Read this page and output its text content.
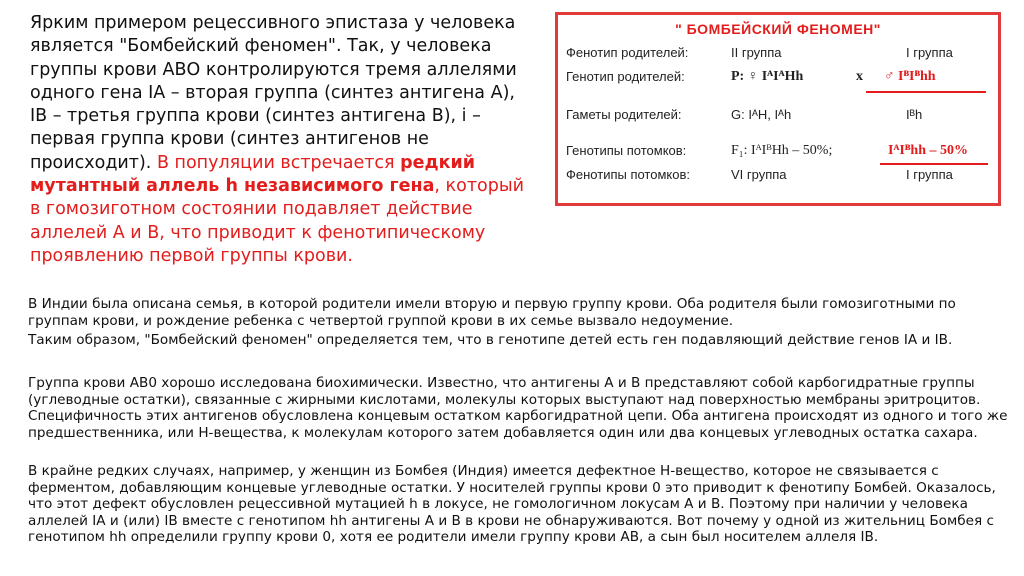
Ярким примером рецессивного эпистаза у человека является "Бомбейский феномен". Так, у человека группы крови АВО контролируются тремя аллелями одного гена IA – вторая группа (синтез антигена А), IB – третья группа крови (синтез антигена В), i – первая группа крови (синтез антигенов не происходит). В популяции встречается редкий мутантный аллель h независимого гена, который в гомозиготном состоянии подавляет действие аллелей А и В, что приводит к фенотипическому проявлению первой группы крови.
" БОМБЕЙСКИЙ ФЕНОМЕН"
Фенотип родителей:	II группа	I группа
Генотип родителей:	P: ♀ IᴬIᴬHh	x ♂ IᴮIᴮhh
Гаметы родителей:	G: IᴬH, Iᴬh	Iᴮh
Генотипы потомков:	F₁: IᴬIᴮHh – 50%;	IᴬIᴮhh – 50%
Фенотипы потомков:	VI группа	I группа
В Индии была описана семья, в которой родители имели вторую и первую группу крови. Оба родителя были гомозиготными по группам крови, и рождение ребенка с четвертой группой крови в их семье вызвало недоумение.
Таким образом, "Бомбейский феномен" определяется тем, что в генотипе детей есть ген подавляющий действие генов IA и IB.
Группа крови АВ0 хорошо исследована биохимически. Известно, что антигены А и В представляют собой карбогидратные группы (углеводные остатки), связанные с жирными кислотами, молекулы которых выступают над поверхностью мембраны эритроцитов. Специфичность этих антигенов обусловлена концевым остатком карбогидратной цепи. Оба антигена происходят из одного и того же предшественника, или Н-вещества, к молекулам которого затем добавляется один или два концевых углеводных остатка сахара.
В крайне редких случаях, например, у женщин из Бомбея (Индия) имеется дефектное Н-вещество, которое не связывается с ферментом, добавляющим концевые углеводные остатки. У носителей группы крови 0 это приводит к фенотипу Бомбей. Оказалось, что этот дефект обусловлен рецессивной мутацией h в локусе, не гомологичном локусам А и В. Поэтому при наличии у человека аллелей IA и (или) IB вместе с генотипом hh антигены А и В в крови не обнаруживаются. Вот почему у одной из жительниц Бомбея с генотипом hh определили группу крови 0, хотя ее родители имели группу крови АВ, а сын был носителем аллеля IB.
